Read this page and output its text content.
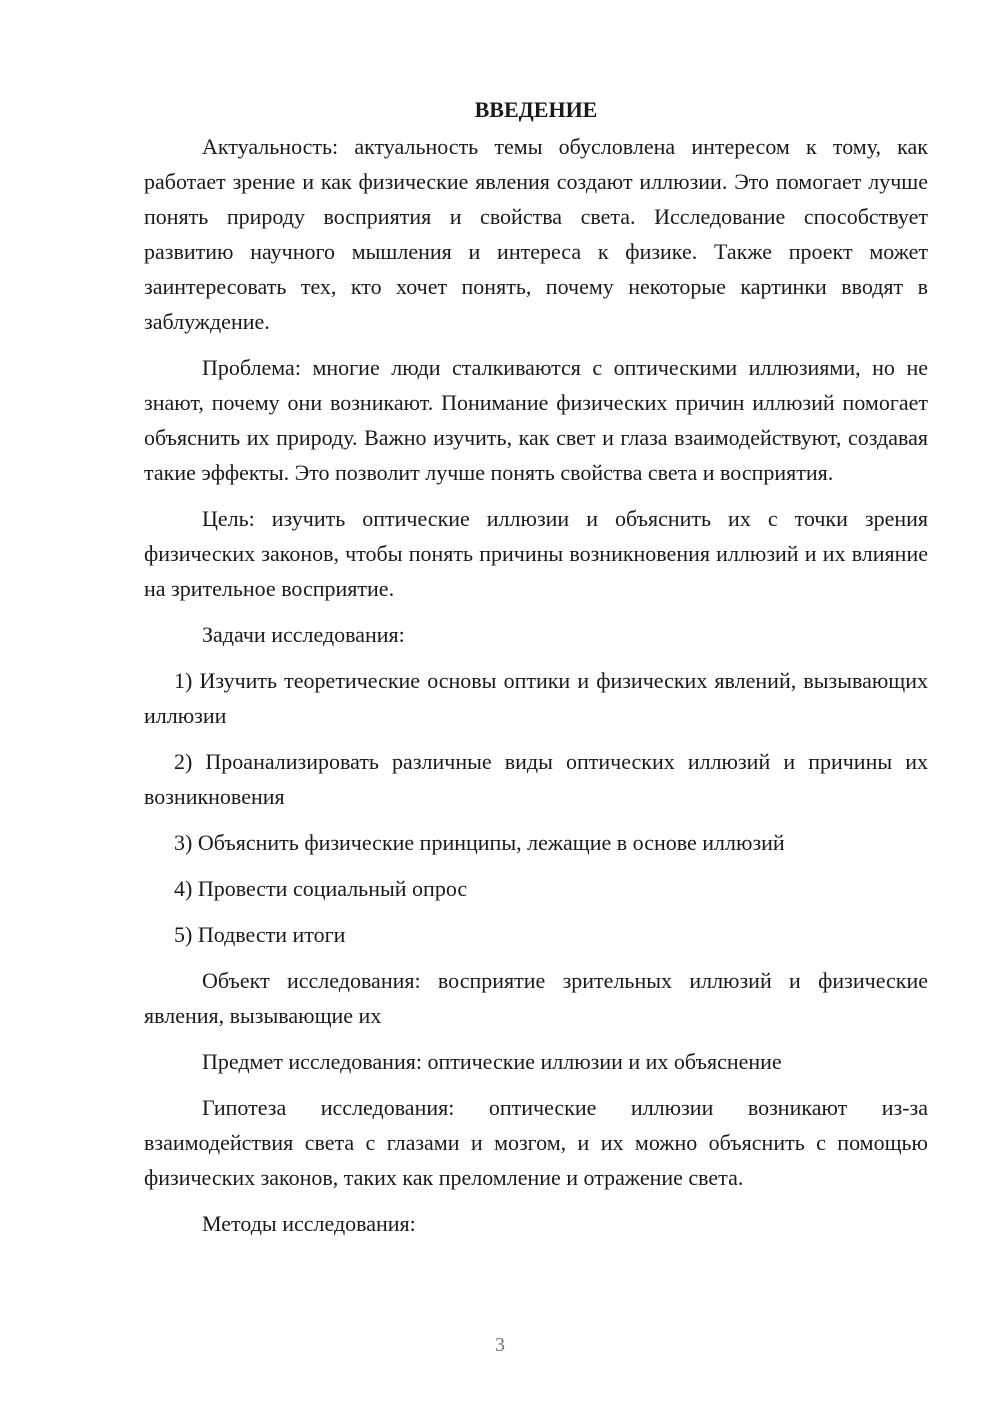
ВВЕДЕНИЕ

Актуальность: актуальность темы обусловлена интересом к тому, как работает зрение и как физические явления создают иллюзии. Это помогает лучше понять природу восприятия и свойства света. Исследование способствует развитию научного мышления и интереса к физике. Также проект может заинтересовать тех, кто хочет понять, почему некоторые картинки вводят в заблуждение.

Проблема: многие люди сталкиваются с оптическими иллюзиями, но не знают, почему они возникают. Понимание физических причин иллюзий помогает объяснить их природу. Важно изучить, как свет и глаза взаимодействуют, создавая такие эффекты. Это позволит лучше понять свойства света и восприятия.

Цель: изучить оптические иллюзии и объяснить их с точки зрения физических законов, чтобы понять причины возникновения иллюзий и их влияние на зрительное восприятие.

Задачи исследования:

1) Изучить теоретические основы оптики и физических явлений, вызывающих иллюзии

2) Проанализировать различные виды оптических иллюзий и причины их возникновения

3) Объяснить физические принципы, лежащие в основе иллюзий

4) Провести социальный опрос

5) Подвести итоги

Объект исследования: восприятие зрительных иллюзий и физические явления, вызывающие их

Предмет исследования: оптические иллюзии и их объяснение

Гипотеза исследования: оптические иллюзии возникают из-за взаимодействия света с глазами и мозгом, и их можно объяснить с помощью физических законов, таких как преломление и отражение света.

Методы исследования:

3
